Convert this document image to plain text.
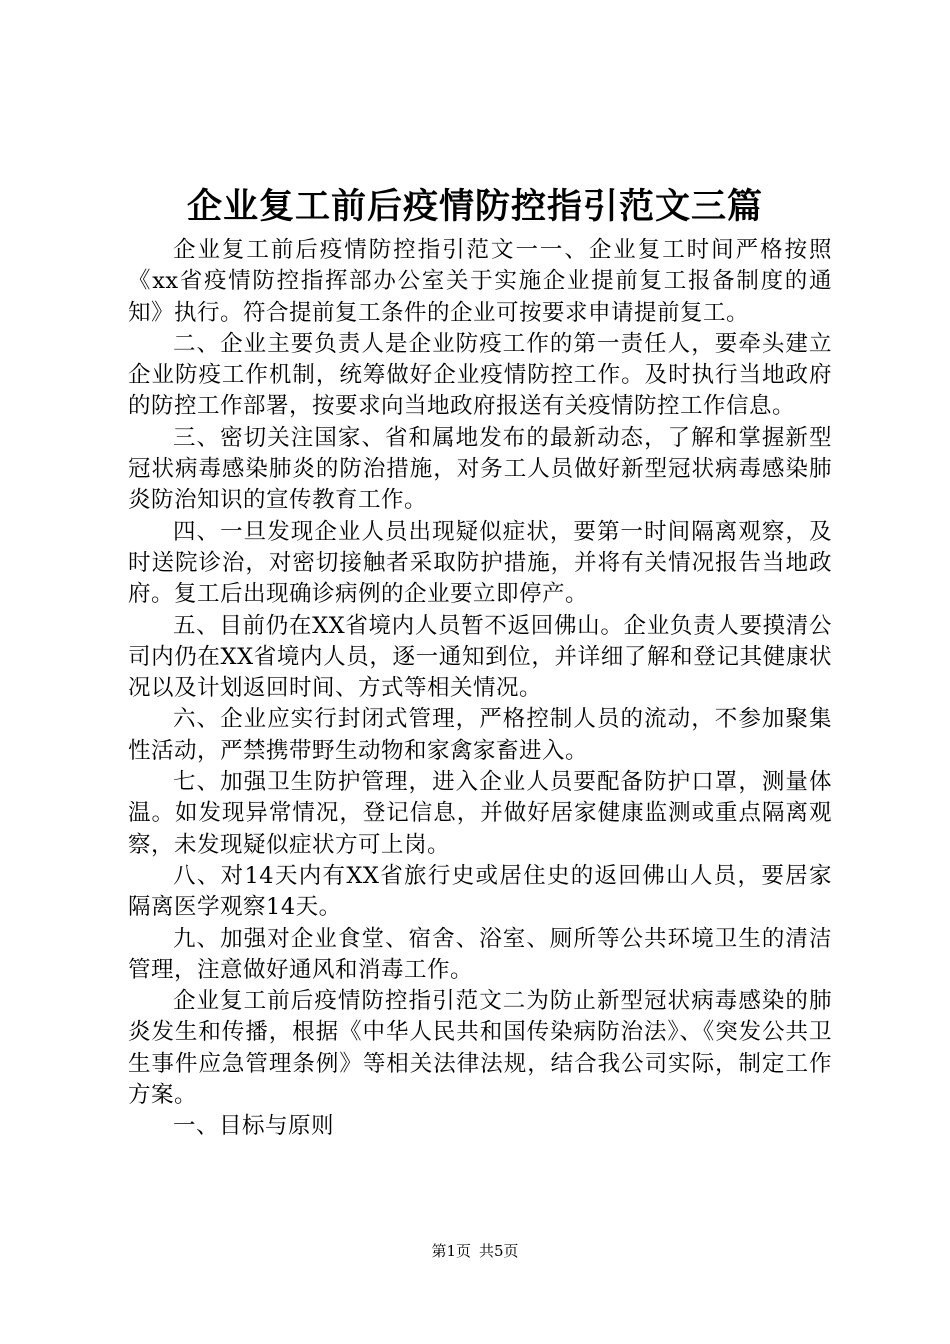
企业复工前后疫情防控指引范文三篇

企业复工前后疫情防控指引范文一一、企业复工时间严格按照《xx省疫情防控指挥部办公室关于实施企业提前复工报备制度的通知》执行。符合提前复工条件的企业可按要求申请提前复工。

二、企业主要负责人是企业防疫工作的第一责任人，要牵头建立企业防疫工作机制，统筹做好企业疫情防控工作。及时执行当地政府的防控工作部署，按要求向当地政府报送有关疫情防控工作信息。

三、密切关注国家、省和属地发布的最新动态，了解和掌握新型冠状病毒感染肺炎的防治措施，对务工人员做好新型冠状病毒感染肺炎防治知识的宣传教育工作。

四、一旦发现企业人员出现疑似症状，要第一时间隔离观察，及时送院诊治，对密切接触者采取防护措施，并将有关情况报告当地政府。复工后出现确诊病例的企业要立即停产。

五、目前仍在XX省境内人员暂不返回佛山。企业负责人要摸清公司内仍在XX省境内人员，逐一通知到位，并详细了解和登记其健康状况以及计划返回时间、方式等相关情况。

六、企业应实行封闭式管理，严格控制人员的流动，不参加聚集性活动，严禁携带野生动物和家禽家畜进入。

七、加强卫生防护管理，进入企业人员要配备防护口罩，测量体温。如发现异常情况，登记信息，并做好居家健康监测或重点隔离观察，未发现疑似症状方可上岗。

八、对14天内有XX省旅行史或居住史的返回佛山人员，要居家隔离医学观察14天。

九、加强对企业食堂、宿舍、浴室、厕所等公共环境卫生的清洁管理，注意做好通风和消毒工作。

企业复工前后疫情防控指引范文二为防止新型冠状病毒感染的肺炎发生和传播，根据《中华人民共和国传染病防治法》、《突发公共卫生事件应急管理条例》等相关法律法规，结合我公司实际，制定工作方案。

一、目标与原则

第1页 共5页
